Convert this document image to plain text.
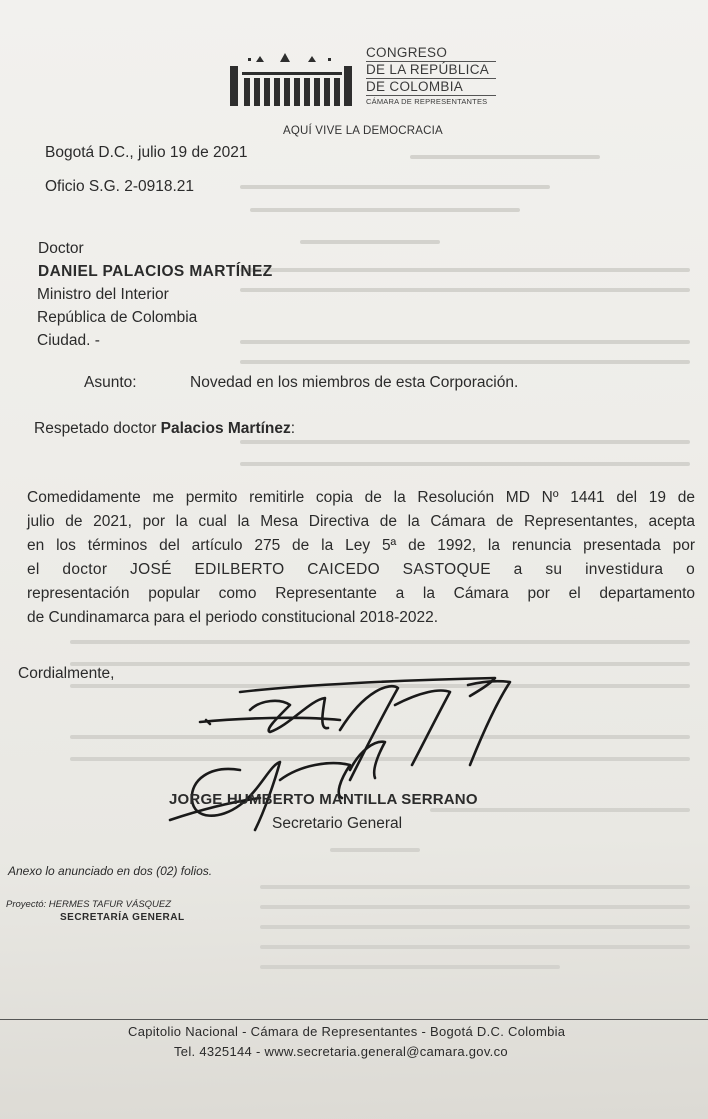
CONGRESO
DE LA REPÚBLICA
DE COLOMBIA
CÁMARA DE REPRESENTANTES
AQUÍ VIVE LA DEMOCRACIA
Bogotá D.C., julio 19 de 2021
Oficio S.G. 2-0918.21
Doctor
DANIEL PALACIOS MARTÍNEZ
Ministro del Interior
República de Colombia
Ciudad. -
Asunto:	Novedad en los miembros de esta Corporación.
Respetado doctor Palacios Martínez:
Comedidamente me permito remitirle copia de la Resolución MD Nº 1441 del 19 de
julio de 2021, por la cual la Mesa Directiva de la Cámara de Representantes, acepta
en los términos del artículo 275 de la Ley 5ª de 1992, la renuncia presentada por
el doctor JOSÉ EDILBERTO CAICEDO SASTOQUE a su investidura o
representación popular como Representante a la Cámara por el departamento
de Cundinamarca para el periodo constitucional 2018-2022.
Cordialmente,
JORGE HUMBERTO MANTILLA SERRANO
Secretario General
Anexo lo anunciado en dos (02) folios.
Proyectó: HERMES TAFUR VÁSQUEZ
SECRETARÍA GENERAL
Capitolio Nacional - Cámara de Representantes - Bogotá D.C. Colombia
Tel. 4325144 - www.secretaria.general@camara.gov.co
